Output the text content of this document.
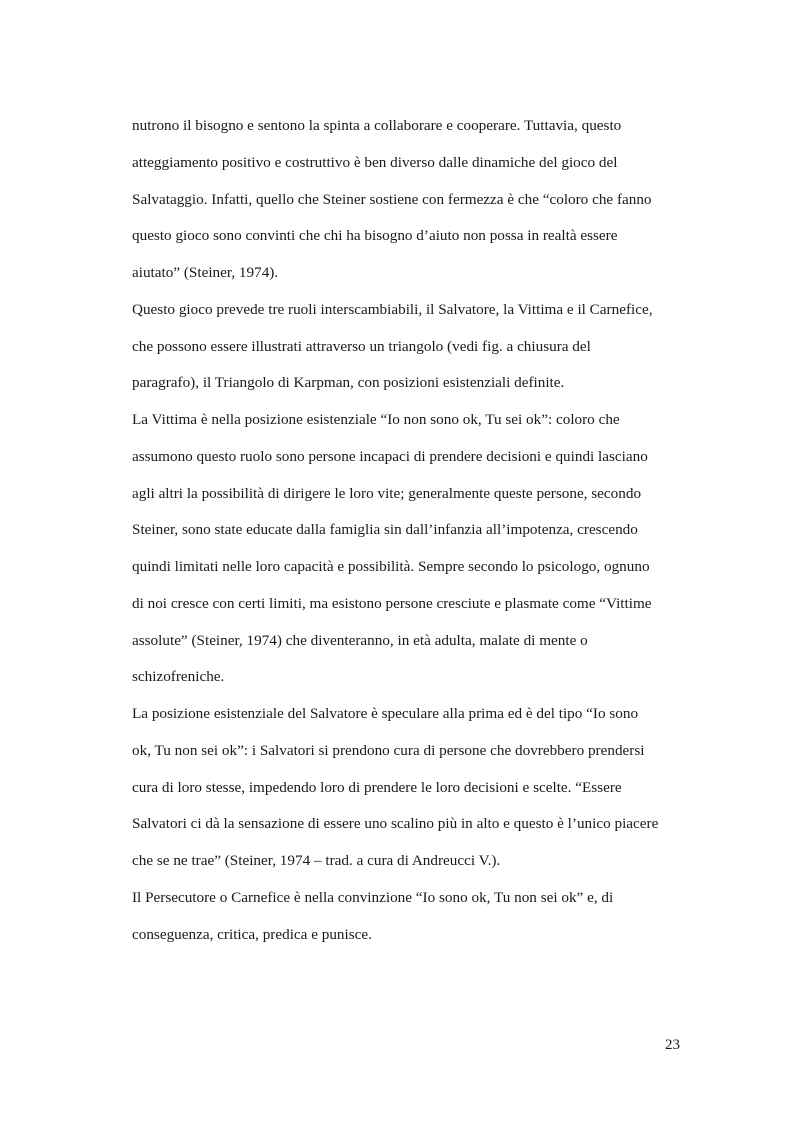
nutrono il bisogno e sentono la spinta a collaborare e cooperare. Tuttavia, questo

atteggiamento positivo e costruttivo è ben diverso dalle dinamiche del gioco del

Salvataggio. Infatti, quello che Steiner sostiene con fermezza è che “coloro che fanno

questo gioco sono convinti che chi ha bisogno d’aiuto non possa in realtà essere

aiutato” (Steiner, 1974).

Questo gioco prevede tre ruoli interscambiabili, il Salvatore, la Vittima e il Carnefice,

che possono essere illustrati attraverso un triangolo (vedi fig. a chiusura del

paragrafo), il Triangolo di Karpman, con posizioni esistenziali definite.

La Vittima è nella posizione esistenziale “Io non sono ok, Tu sei ok”: coloro che

assumono questo ruolo sono persone incapaci di prendere decisioni e quindi lasciano

agli altri la possibilità di dirigere le loro vite; generalmente queste persone, secondo

Steiner, sono state educate dalla famiglia sin dall’infanzia all’impotenza, crescendo

quindi limitati nelle loro capacità e possibilità. Sempre secondo lo psicologo, ognuno

di noi cresce con certi limiti, ma esistono persone cresciute e plasmate come “Vittime

assolute” (Steiner, 1974) che diventeranno, in età adulta, malate di mente o

schizofreniche.

La posizione esistenziale del Salvatore è speculare alla prima ed è del tipo “Io sono

ok, Tu non sei ok”: i Salvatori si prendono cura di persone che dovrebbero prendersi

cura di loro stesse, impedendo loro di prendere le loro decisioni e scelte. “Essere

Salvatori ci dà la sensazione di essere uno scalino più in alto e questo è l’unico piacere

che se ne trae” (Steiner, 1974 – trad. a cura di Andreucci V.).

Il Persecutore o Carnefice è nella convinzione “Io sono ok, Tu non sei ok” e, di

conseguenza, critica, predica e punisce.

23
